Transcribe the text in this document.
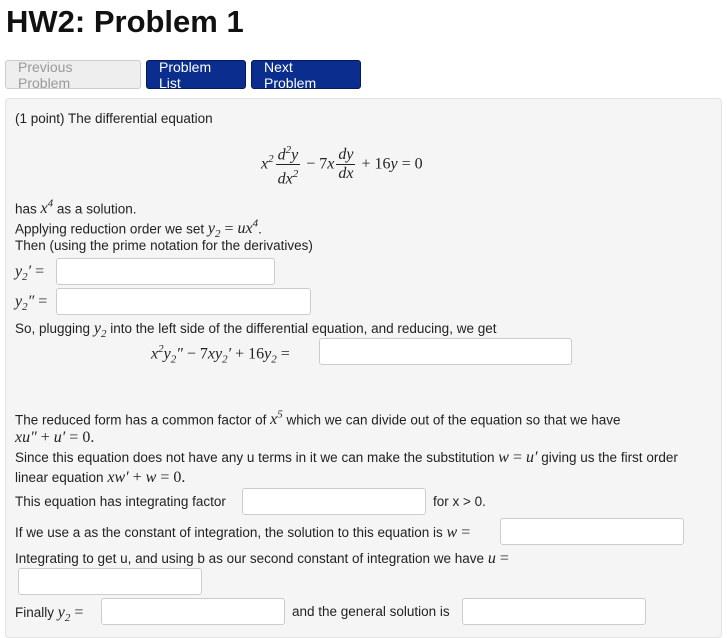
HW2: Problem 1
Previous Problem
Problem List
Next Problem
(1 point) The differential equation
$x^2 \frac{d^2y}{dx^2} - 7x \frac{dy}{dx} + 16y = 0$
has $x^4$ as a solution.
Applying reduction order we set $y_2 = ux^4$.
Then (using the prime notation for the derivatives)
$y_2'$ =
$y_2''$ =
So, plugging $y_2$ into the left side of the differential equation, and reducing, we get
$x^2y_2'' - 7xy_2' + 16y_2$ =
The reduced form has a common factor of $x^5$ which we can divide out of the equation so that we have
xu″ + u′ = 0.
Since this equation does not have any u terms in it we can make the substitution w = u′ giving us the first order
linear equation xw′ + w = 0.
This equation has integrating factor	for x > 0.
If we use a as the constant of integration, the solution to this equation is w =
Integrating to get u, and using b as our second constant of integration we have u =
Finally $y_2$ =	and the general solution is
